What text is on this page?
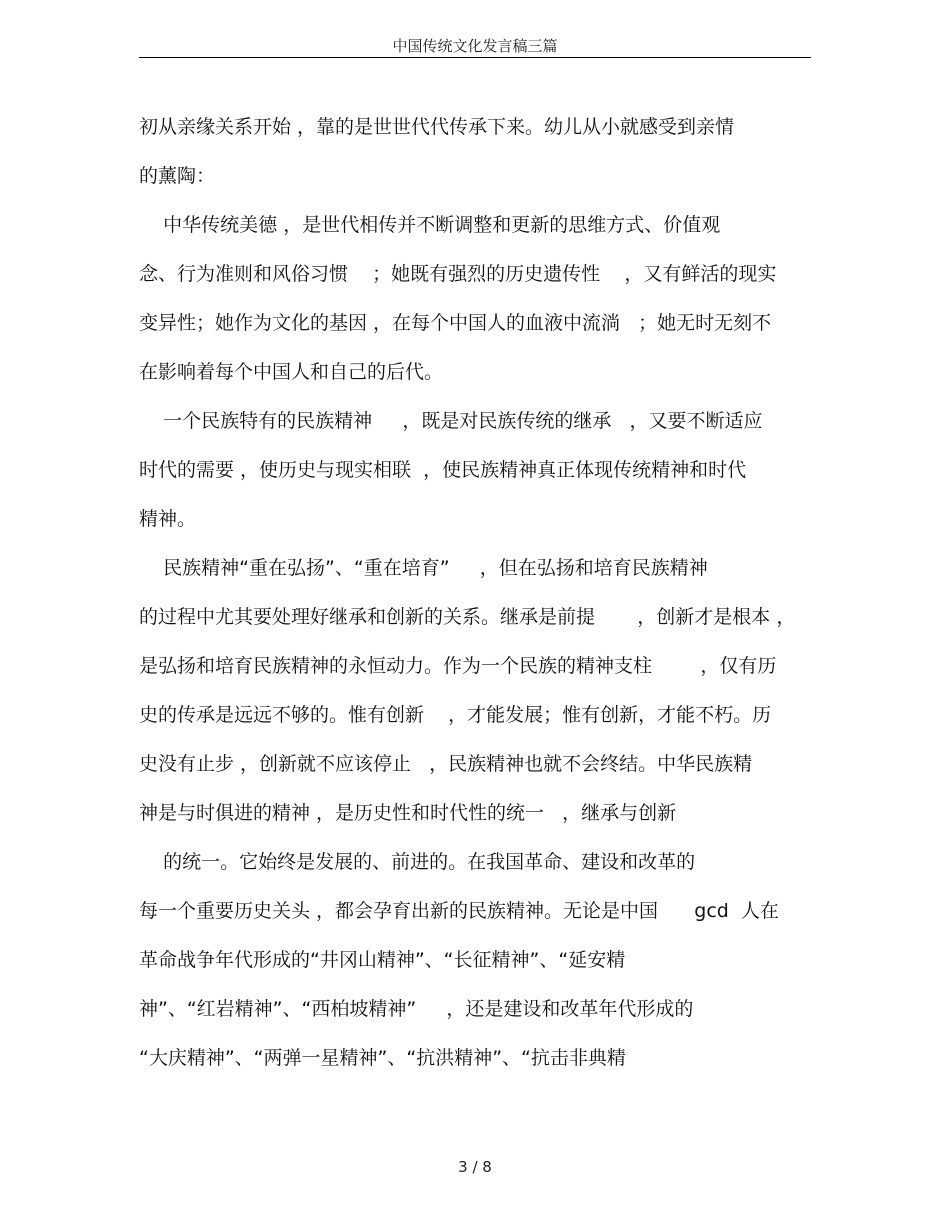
中国传统文化发言稿三篇
初从亲缘关系开始 ，靠的是世世代代传承下来。幼儿从小就感受到亲情
的薰陶：
中华传统美德 ，是世代相传并不断调整和更新的思维方式、价值观
念、行为准则和风俗习惯    ；她既有强烈的历史遗传性    ，又有鲜活的现实
变异性；她作为文化的基因 ，在每个中国人的血液中流淌   ；她无时无刻不
在影响着每个中国人和自己的后代。
一个民族特有的民族精神     ，既是对民族传统的继承   ，又要不断适应
时代的需要 ，使历史与现实相联  ，使民族精神真正体现传统精神和时代
精神。
民族精神“重在弘扬”、“重在培育”     ，但在弘扬和培育民族精神
的过程中尤其要处理好继承和创新的关系。继承是前提       ，创新才是根本 ，
是弘扬和培育民族精神的永恒动力。作为一个民族的精神支柱        ，仅有历
史的传承是远远不够的。惟有创新    ，才能发展；惟有创新，才能不朽。历
史没有止步 ，创新就不应该停止   ，民族精神也就不会终结。中华民族精
神是与时俱进的精神 ，是历史性和时代性的统一   ，继承与创新
的统一。它始终是发展的、前进的。在我国革命、建设和改革的
每一个重要历史关头 ，都会孕育出新的民族精神。无论是中国      gcd  人在
革命战争年代形成的“井冈山精神”、“长征精神”、“延安精
神”、“红岩精神”、“西柏坡精神”     ，还是建设和改革年代形成的
“大庆精神”、“两弹一星精神”、“抗洪精神”、“抗击非典精
3 / 8
